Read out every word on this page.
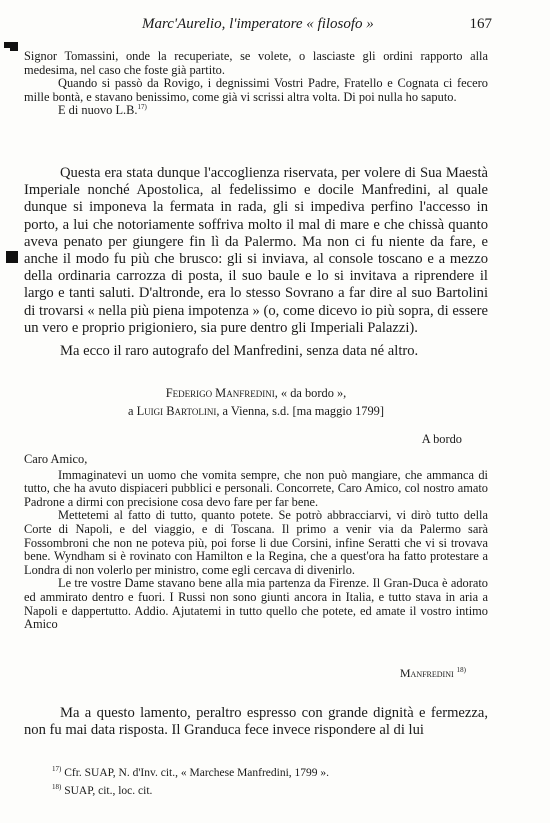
Marc'Aurelio, l'imperatore « filosofo »	167

Signor Tomassini, onde la recuperiate, se volete, o lasciaste gli ordini rapporto alla medesima, nel caso che foste già partito.

Quando si passò da Rovigo, i degnissimi Vostri Padre, Fratello e Cognata ci fecero mille bontà, e stavano benissimo, come già vi scrissi altra volta. Di poi nulla ho saputo.

E di nuovo L.B.$^{17)}$

Questa era stata dunque l'accoglienza riservata, per volere di Sua Maestà Imperiale nonché Apostolica, al fedelissimo e docile Manfredini, al quale dunque si imponeva la fermata in rada, gli si impediva perfino l'accesso in porto, a lui che notoriamente soffriva molto il mal di mare e che chissà quanto aveva penato per giungere fin lì da Palermo. Ma non ci fu niente da fare, e anche il modo fu più che brusco: gli si inviava, al console toscano e a mezzo della ordinaria carrozza di posta, il suo baule e lo si invitava a riprendere il largo e tanti saluti. D'altronde, era lo stesso Sovrano a far dire al suo Bartolini di trovarsi « nella più piena impotenza » (o, come dicevo io più sopra, di essere un vero e proprio prigioniero, sia pure dentro gli Imperiali Palazzi).

Ma ecco il raro autografo del Manfredini, senza data né altro.

Federigo Manfredini, « da bordo »,
a Luigi Bartolini, a Vienna, s.d. [ma maggio 1799]
A bordo

Caro Amico,

Immaginatevi un uomo che vomita sempre, che non può mangiare, che ammanca di tutto, che ha avuto dispiaceri pubblici e personali. Concorrete, Caro Amico, col nostro amato Padrone a dirmi con precisione cosa devo fare per far bene.

Mettetemi al fatto di tutto, quanto potete. Se potrò abbracciarvi, vi dirò tutto della Corte di Napoli, e del viaggio, e di Toscana. Il primo a venir via da Palermo sarà Fossombroni che non ne poteva più, poi forse li due Corsini, infine Seratti che vi si trovava bene. Wyndham si è rovinato con Hamilton e la Regina, che a quest'ora ha fatto protestare a Londra di non volerlo per ministro, come egli cercava di divenirlo.

Le tre vostre Dame stavano bene alla mia partenza da Firenze. Il Gran-Duca è adorato ed ammirato dentro e fuori. I Russi non sono giunti ancora in Italia, e tutto stava in aria a Napoli e dappertutto. Addio. Ajutatemi in tutto quello che potete, ed amate il vostro intimo Amico

Manfredini $^{18)}$

Ma a questo lamento, peraltro espresso con grande dignità e fermezza, non fu mai data risposta. Il Granduca fece invece rispondere al di lui

$^{17)}$ Cfr. SUAP, N. d'Inv. cit., « Marchese Manfredini, 1799 ».
$^{18)}$ SUAP, cit., loc. cit.
